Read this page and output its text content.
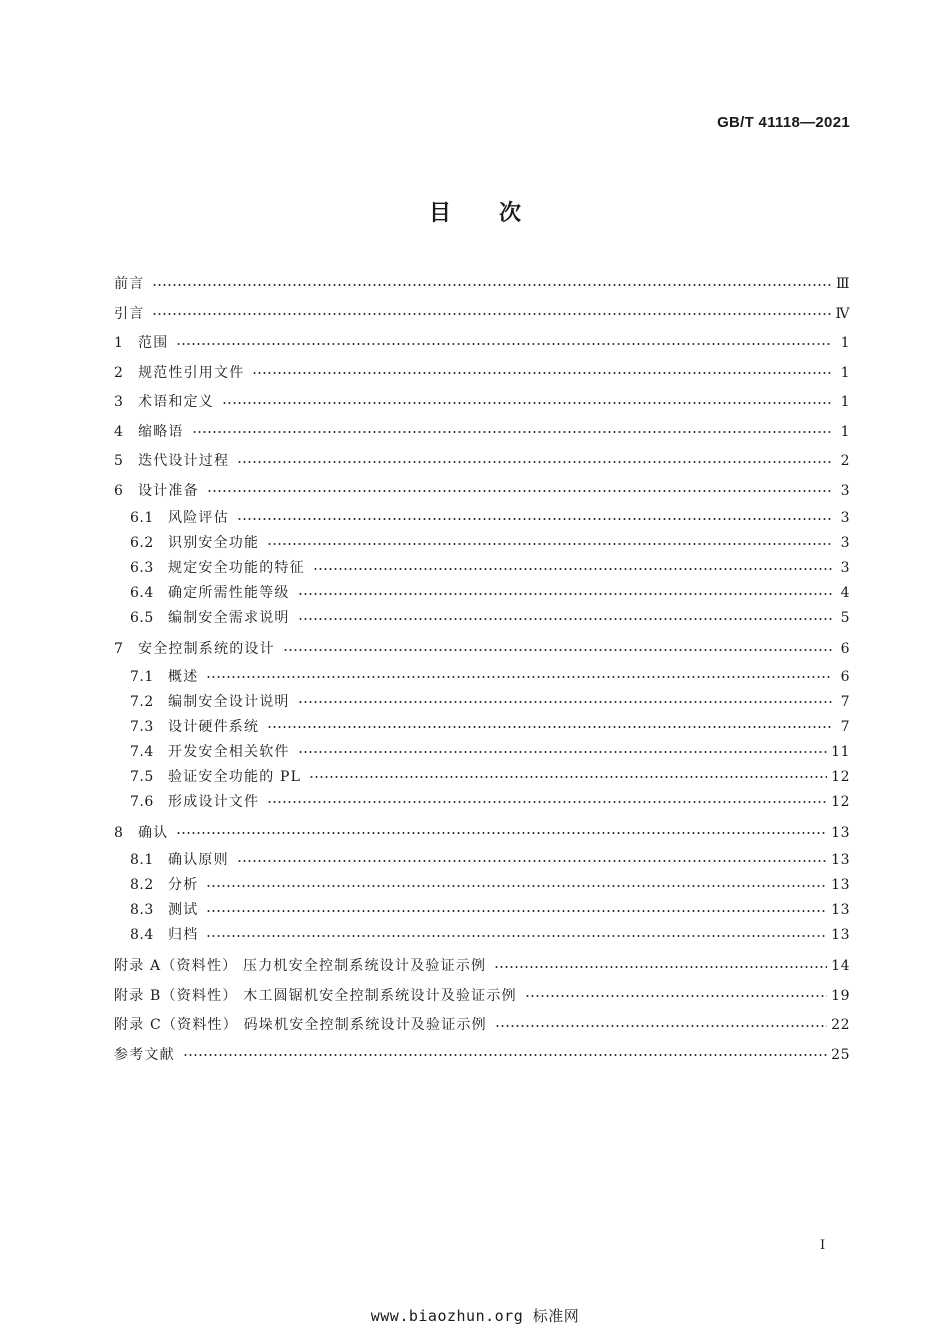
GB/T 41118—2021
目次
前言	Ⅲ
引言	Ⅳ
1	范围	1
2	规范性引用文件	1
3	术语和定义	1
4	缩略语	1
5	迭代设计过程	2
6	设计准备	3
6.1	风险评估	3
6.2	识别安全功能	3
6.3	规定安全功能的特征	3
6.4	确定所需性能等级	4
6.5	编制安全需求说明	5
7	安全控制系统的设计	6
7.1	概述	6
7.2	编制安全设计说明	7
7.3	设计硬件系统	7
7.4	开发安全相关软件	11
7.5	验证安全功能的 PL	12
7.6	形成设计文件	12
8	确认	13
8.1	确认原则	13
8.2	分析	13
8.3	测试	13
8.4	归档	13
附录 A（资料性） 压力机安全控制系统设计及验证示例	14
附录 B（资料性） 木工圆锯机安全控制系统设计及验证示例	19
附录 C（资料性） 码垛机安全控制系统设计及验证示例	22
参考文献	25
I
www.biaozhun.org 标准网
